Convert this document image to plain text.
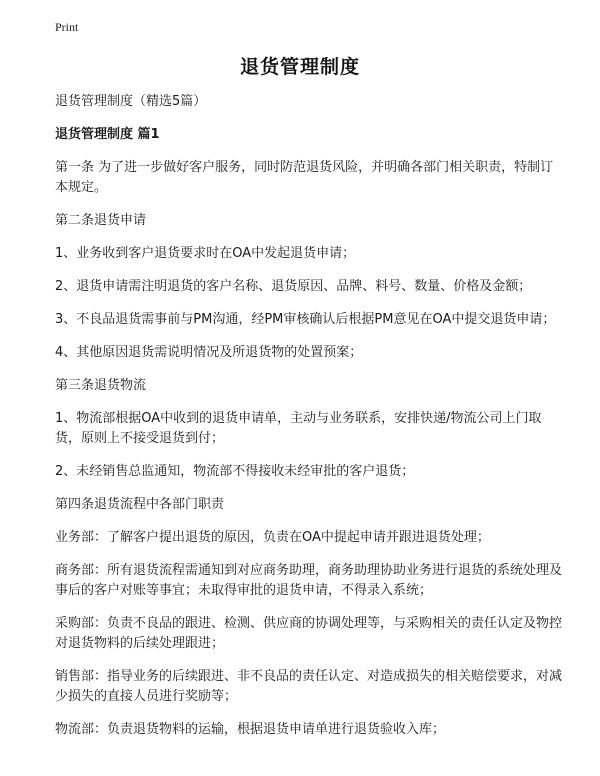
Print
退货管理制度

退货管理制度（精选5篇）

退货管理制度 篇1

第一条 为了进一步做好客户服务，同时防范退货风险，并明确各部门相关职责，特制订本规定。

第二条退货申请

1、业务收到客户退货要求时在OA中发起退货申请；

2、退货申请需注明退货的客户名称、退货原因、品牌、料号、数量、价格及金额；

3、不良品退货需事前与PM沟通，经PM审核确认后根据PM意见在OA中提交退货申请；

4、其他原因退货需说明情况及所退货物的处置预案；

第三条退货物流

1、物流部根据OA中收到的退货申请单，主动与业务联系，安排快递/物流公司上门取货，原则上不接受退货到付；

2、未经销售总监通知，物流部不得接收未经审批的客户退货；

第四条退货流程中各部门职责

业务部：了解客户提出退货的原因，负责在OA中提起申请并跟进退货处理；

商务部：所有退货流程需通知到对应商务助理，商务助理协助业务进行退货的系统处理及事后的客户对账等事宜；未取得审批的退货申请，不得录入系统；

采购部：负责不良品的跟进、检测、供应商的协调处理等，与采购相关的责任认定及物控对退货物料的后续处理跟进；

销售部：指导业务的后续跟进、非不良品的责任认定、对造成损失的相关赔偿要求，对减少损失的直接人员进行奖励等；

物流部：负责退货物料的运输，根据退货申请单进行退货验收入库；
